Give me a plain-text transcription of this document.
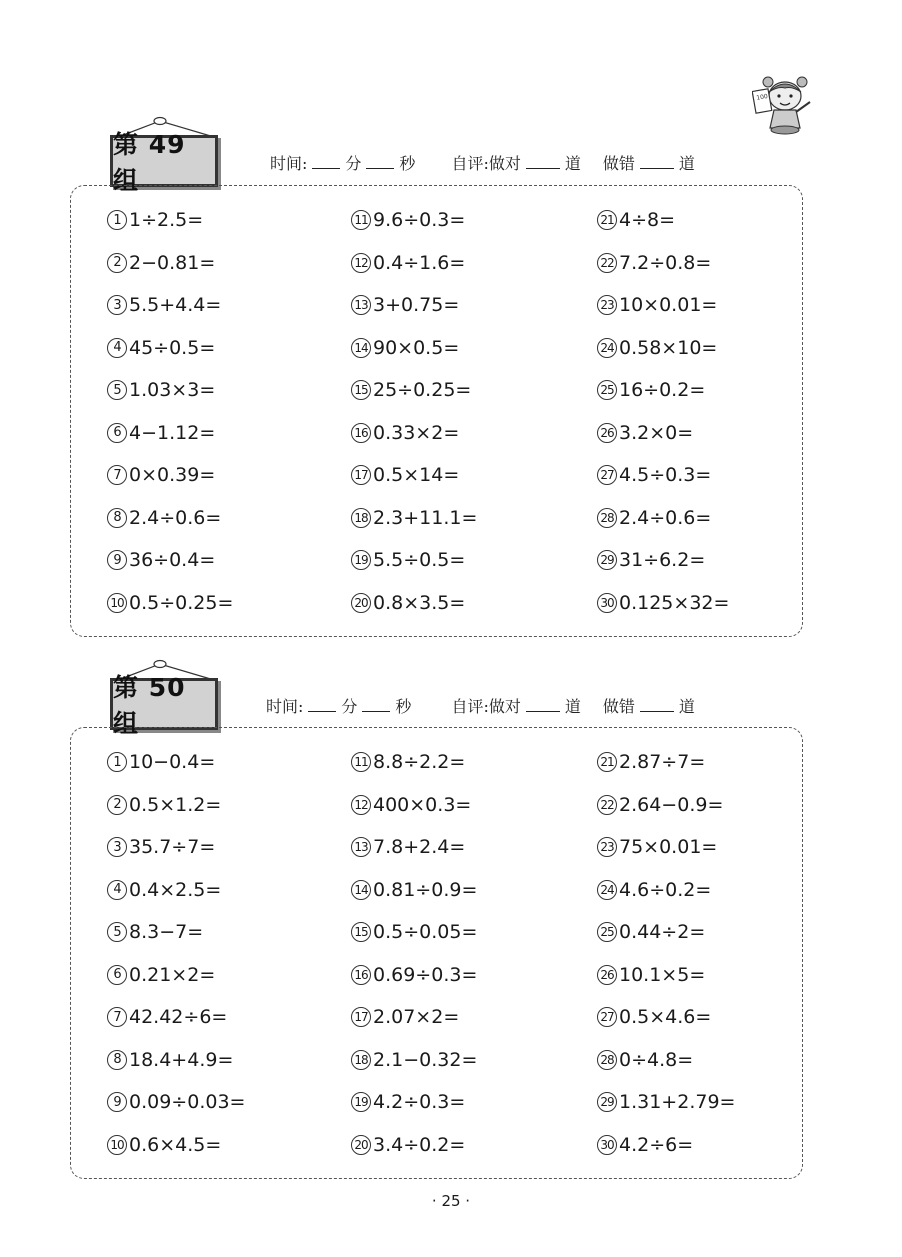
100
第 49 组
时间: 分 秒 自评:做对	道 做错	道
1 1÷2.5=
2 2−0.81=
3 5.5+4.4=
4 45÷0.5=
5 1.03×3=
6 4−1.12=
7 0×0.39=
8 2.4÷0.6=
9 36÷0.4=
10 0.5÷0.25=
11 9.6÷0.3=
12 0.4÷1.6=
13 3+0.75=
14 90×0.5=
15 25÷0.25=
16 0.33×2=
17 0.5×14=
18 2.3+11.1=
19 5.5÷0.5=
20 0.8×3.5=
21 4÷8=
22 7.2÷0.8=
23 10×0.01=
24 0.58×10=
25 16÷0.2=
26 3.2×0=
27 4.5÷0.3=
28 2.4÷0.6=
29 31÷6.2=
30 0.125×32=
第 50 组
时间: 分 秒	自评:做对	道 做错	道
1 10−0.4=
2 0.5×1.2=
3 35.7÷7=
4 0.4×2.5=
5 8.3−7=
6 0.21×2=
7 42.42÷6=
8 18.4+4.9=
9 0.09÷0.03=
10 0.6×4.5=
11 8.8÷2.2=
12 400×0.3=
13 7.8+2.4=
14 0.81÷0.9=
15 0.5÷0.05=
16 0.69÷0.3=
17 2.07×2=
18 2.1−0.32=
19 4.2÷0.3=
20 3.4÷0.2=
21 2.87÷7=
22 2.64−0.9=
23 75×0.01=
24 4.6÷0.2=
25 0.44÷2=
26 10.1×5=
27 0.5×4.6=
28 0÷4.8=
29 1.31+2.79=
30 4.2÷6=
· 25 ·
